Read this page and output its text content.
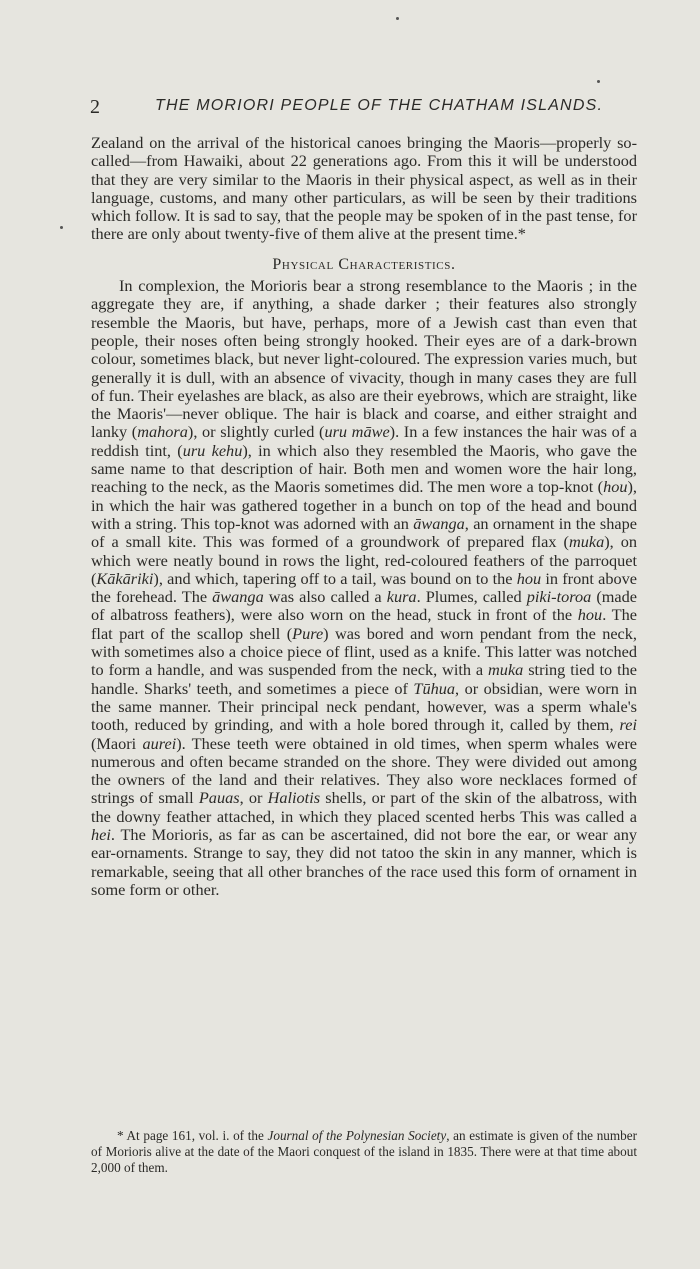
2	THE MORIORI PEOPLE OF THE CHATHAM ISLANDS.

Zealand on the arrival of the historical canoes bringing the Maoris—properly so-called—from Hawaiki, about 22 generations ago. From this it will be understood that they are very similar to the Maoris in their physical aspect, as well as in their language, customs, and many other particulars, as will be seen by their traditions which follow. It is sad to say, that the people may be spoken of in the past tense, for there are only about twenty-five of them alive at the present time.*

Physical Characteristics.

In complexion, the Morioris bear a strong resemblance to the Maoris ; in the aggregate they are, if anything, a shade darker ; their features also strongly resemble the Maoris, but have, perhaps, more of a Jewish cast than even that people, their noses often being strongly hooked. Their eyes are of a dark-brown colour, sometimes black, but never light-coloured. The expression varies much, but generally it is dull, with an absence of vivacity, though in many cases they are full of fun. Their eyelashes are black, as also are their eyebrows, which are straight, like the Maoris'—never oblique. The hair is black and coarse, and either straight and lanky (mahora), or slightly curled (uru māwe). In a few instances the hair was of a reddish tint, (uru kehu), in which also they resembled the Maoris, who gave the same name to that description of hair. Both men and women wore the hair long, reaching to the neck, as the Maoris sometimes did. The men wore a top-knot (hou), in which the hair was gathered together in a bunch on top of the head and bound with a string. This top-knot was adorned with an āwanga, an ornament in the shape of a small kite. This was formed of a groundwork of prepared flax (muka), on which were neatly bound in rows the light, red-coloured feathers of the parroquet (Kākāriki), and which, tapering off to a tail, was bound on to the hou in front above the forehead. The āwanga was also called a kura. Plumes, called piki-toroa (made of albatross feathers), were also worn on the head, stuck in front of the hou. The flat part of the scallop shell (Pure) was bored and worn pendant from the neck, with sometimes also a choice piece of flint, used as a knife. This latter was notched to form a handle, and was suspended from the neck, with a muka string tied to the handle. Sharks' teeth, and sometimes a piece of Tūhua, or obsidian, were worn in the same manner. Their principal neck pendant, however, was a sperm whale's tooth, reduced by grinding, and with a hole bored through it, called by them, rei (Maori aurei). These teeth were obtained in old times, when sperm whales were numerous and often became stranded on the shore. They were divided out among the owners of the land and their relatives. They also wore necklaces formed of strings of small Pauas, or Haliotis shells, or part of the skin of the albatross, with the downy feather attached, in which they placed scented herbs This was called a hei. The Morioris, as far as can be ascertained, did not bore the ear, or wear any ear-ornaments. Strange to say, they did not tatoo the skin in any manner, which is remarkable, seeing that all other branches of the race used this form of ornament in some form or other.

* At page 161, vol. i. of the Journal of the Polynesian Society, an estimate is given of the number of Morioris alive at the date of the Maori conquest of the island in 1835. There were at that time about 2,000 of them.
